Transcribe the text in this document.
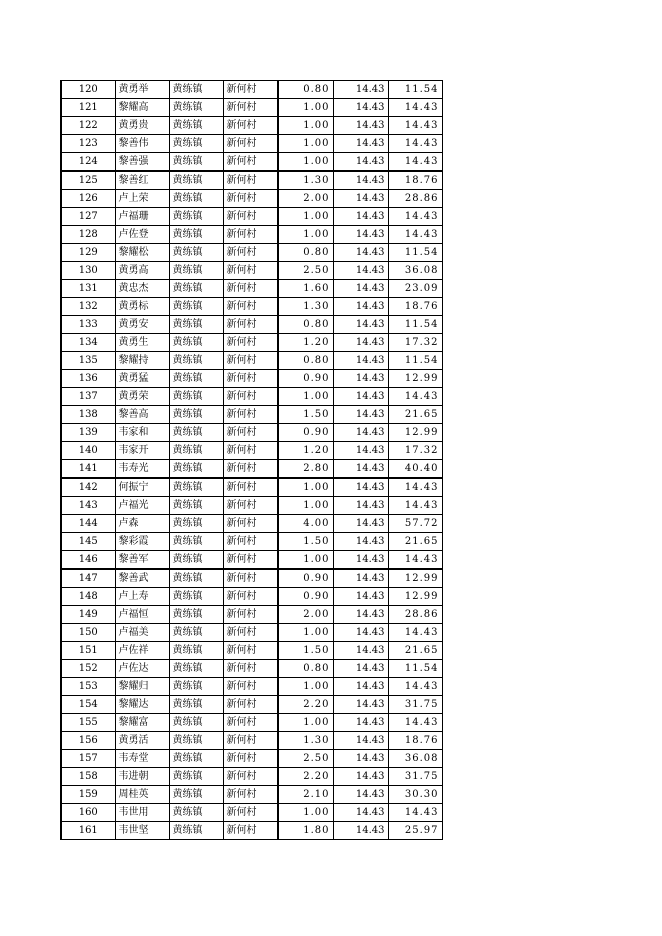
120	黄勇举	黄练镇	新何村	0.80	14.43	11.54
121	黎耀高	黄练镇	新何村	1.00	14.43	14.43
122	黄勇贵	黄练镇	新何村	1.00	14.43	14.43
123	黎善伟	黄练镇	新何村	1.00	14.43	14.43
124	黎善强	黄练镇	新何村	1.00	14.43	14.43
125	黎善红	黄练镇	新何村	1.30	14.43	18.76
126	卢上荣	黄练镇	新何村	2.00	14.43	28.86
127	卢福珊	黄练镇	新何村	1.00	14.43	14.43
128	卢佐登	黄练镇	新何村	1.00	14.43	14.43
129	黎耀松	黄练镇	新何村	0.80	14.43	11.54
130	黄勇高	黄练镇	新何村	2.50	14.43	36.08
131	黄忠杰	黄练镇	新何村	1.60	14.43	23.09
132	黄勇标	黄练镇	新何村	1.30	14.43	18.76
133	黄勇安	黄练镇	新何村	0.80	14.43	11.54
134	黄勇生	黄练镇	新何村	1.20	14.43	17.32
135	黎耀持	黄练镇	新何村	0.80	14.43	11.54
136	黄勇猛	黄练镇	新何村	0.90	14.43	12.99
137	黄勇荣	黄练镇	新何村	1.00	14.43	14.43
138	黎善高	黄练镇	新何村	1.50	14.43	21.65
139	韦家和	黄练镇	新何村	0.90	14.43	12.99
140	韦家开	黄练镇	新何村	1.20	14.43	17.32
141	韦寿光	黄练镇	新何村	2.80	14.43	40.40
142	何振宁	黄练镇	新何村	1.00	14.43	14.43
143	卢福光	黄练镇	新何村	1.00	14.43	14.43
144	卢森	黄练镇	新何村	4.00	14.43	57.72
145	黎彩霞	黄练镇	新何村	1.50	14.43	21.65
146	黎善军	黄练镇	新何村	1.00	14.43	14.43
147	黎善武	黄练镇	新何村	0.90	14.43	12.99
148	卢上寿	黄练镇	新何村	0.90	14.43	12.99
149	卢福恒	黄练镇	新何村	2.00	14.43	28.86
150	卢福美	黄练镇	新何村	1.00	14.43	14.43
151	卢佐祥	黄练镇	新何村	1.50	14.43	21.65
152	卢佐达	黄练镇	新何村	0.80	14.43	11.54
153	黎耀归	黄练镇	新何村	1.00	14.43	14.43
154	黎耀达	黄练镇	新何村	2.20	14.43	31.75
155	黎耀富	黄练镇	新何村	1.00	14.43	14.43
156	黄勇活	黄练镇	新何村	1.30	14.43	18.76
157	韦寿堂	黄练镇	新何村	2.50	14.43	36.08
158	韦进朝	黄练镇	新何村	2.20	14.43	31.75
159	周桂英	黄练镇	新何村	2.10	14.43	30.30
160	韦世用	黄练镇	新何村	1.00	14.43	14.43
161	韦世坚	黄练镇	新何村	1.80	14.43	25.97
